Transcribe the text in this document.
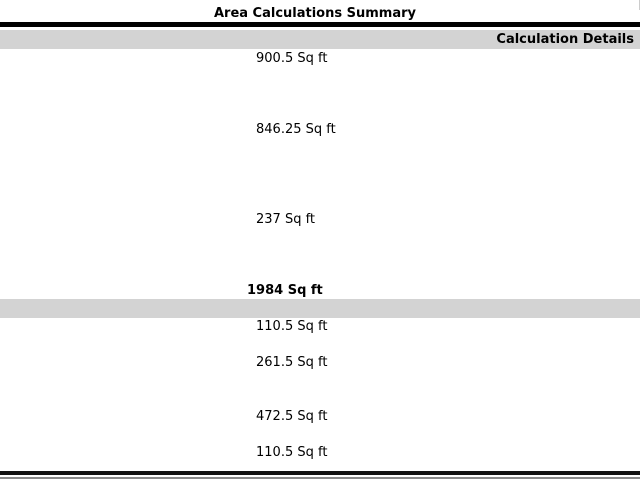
Area Calculations Summary
Calculation Details
900.5 Sq ft
846.25 Sq ft
237 Sq ft
1984 Sq ft
110.5 Sq ft
261.5 Sq ft
472.5 Sq ft
110.5 Sq ft
